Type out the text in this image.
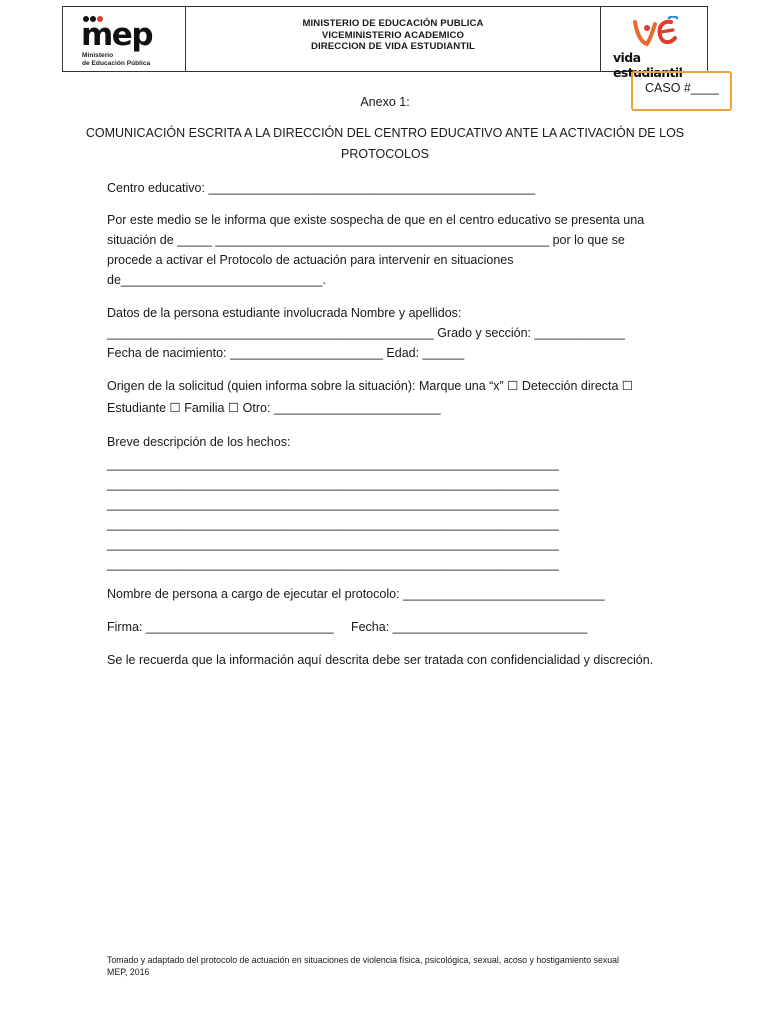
mep
Ministerio
de Educación Pública
MINISTERIO DE EDUCACIÓN PUBLICA
VICEMINISTERIO ACADEMICO
DIRECCION DE VIDA ESTUDIANTIL
vida estudiantil
CASO #____
Anexo 1:
COMUNICACIÓN ESCRITA A LA DIRECCIÓN DEL CENTRO EDUCATIVO ANTE LA ACTIVACIÓN DE LOS
PROTOCOLOS
Centro educativo: _______________________________________________
Por este medio se le informa que existe sospecha de que en el centro educativo se presenta una
situación de _____ ________________________________________________ por lo que se
procede a activar el Protocolo de actuación para intervenir en situaciones
de_____________________________.
Datos de la persona estudiante involucrada Nombre y apellidos:
_______________________________________________ Grado y sección: _____________
Fecha de nacimiento: ______________________ Edad: ______
Origen de la solicitud (quien informa sobre la situación): Marque una “x” ☐ Detección directa ☐
Estudiante ☐ Familia ☐ Otro: ________________________
Breve descripción de los hechos:
_________________________________________________________________
_________________________________________________________________
_________________________________________________________________
_________________________________________________________________
_________________________________________________________________
_________________________________________________________________
Nombre de persona a cargo de ejecutar el protocolo: _____________________________
Firma: ___________________________     Fecha: ____________________________
Se le recuerda que la información aquí descrita debe ser tratada con confidencialidad y discreción.
Tomado y adaptado del protocolo de actuación en situaciones de violencia física, psicológica, sexual, acoso y hostigamiento sexual
MEP, 2016
